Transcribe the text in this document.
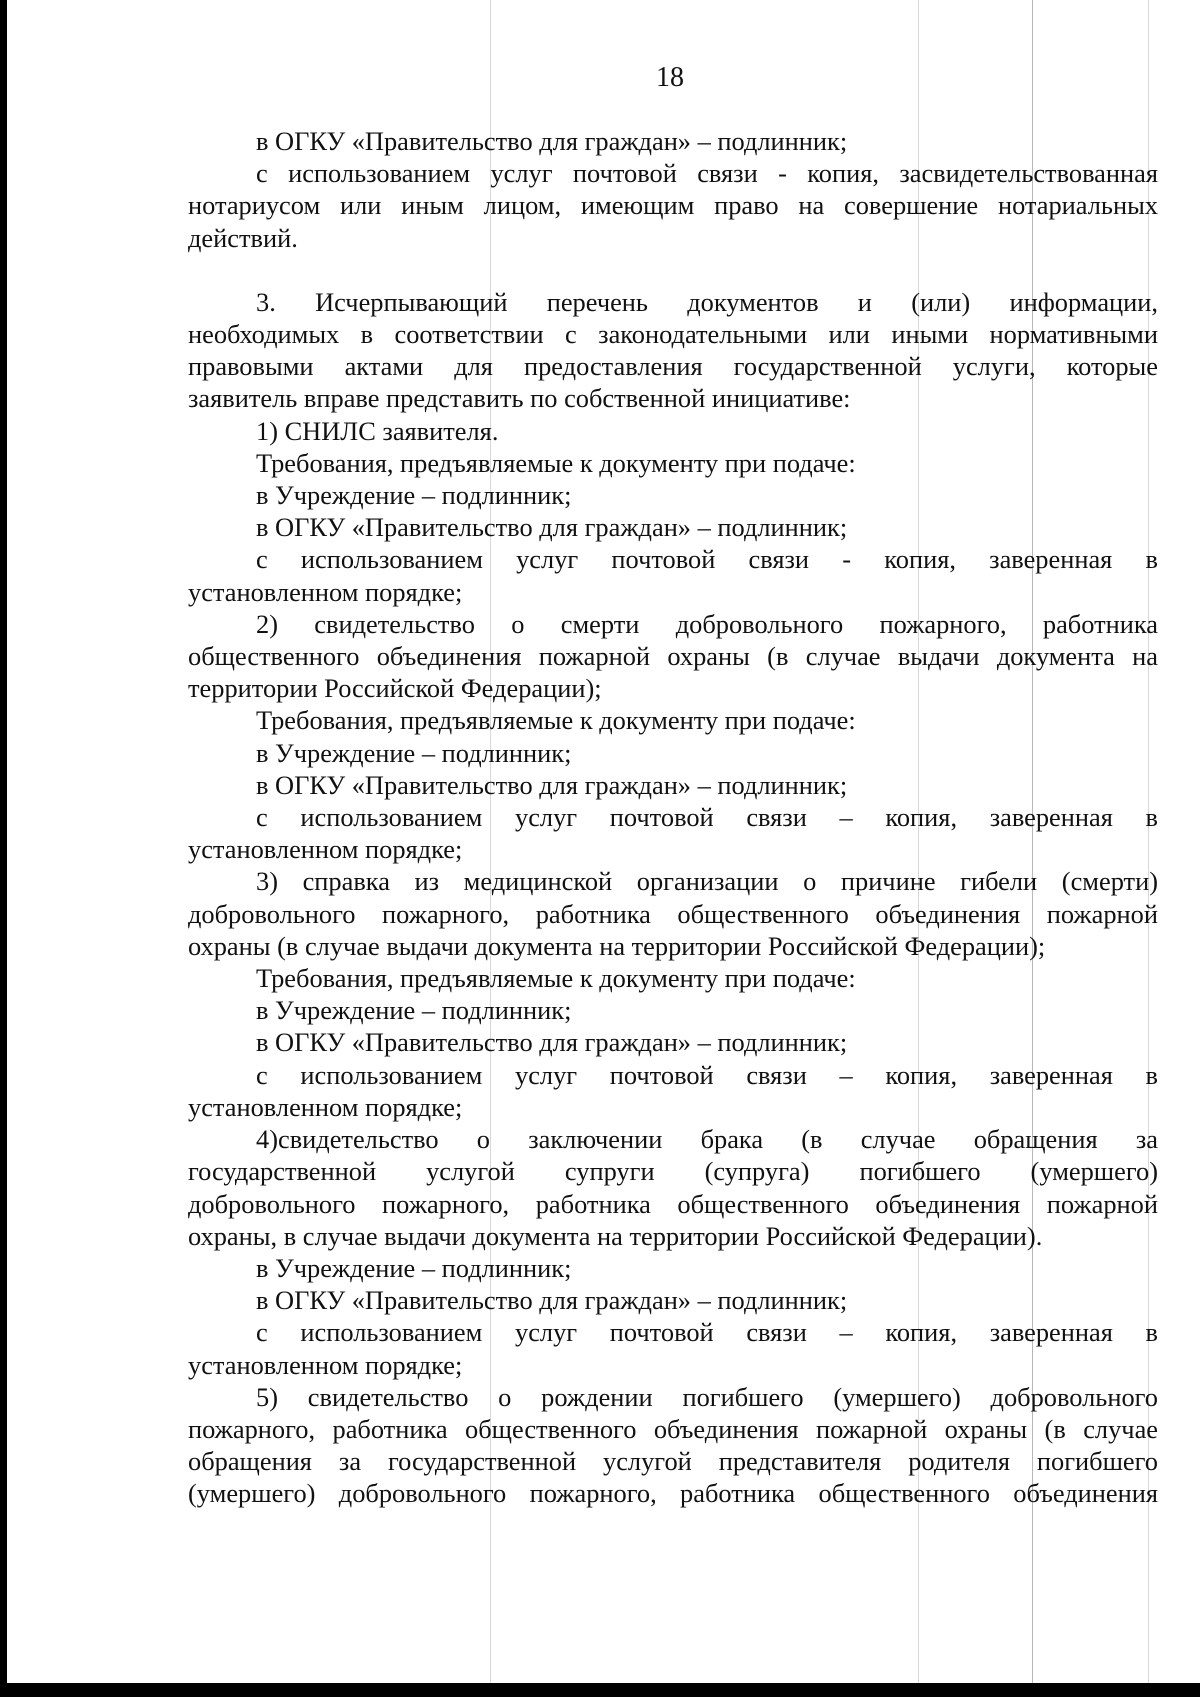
18

в ОГКУ «Правительство для граждан» – подлинник;

с использованием услуг почтовой связи - копия, засвидетельствованная

нотариусом или иным лицом, имеющим право на совершение нотариальных

действий.

3. Исчерпывающий перечень документов и (или) информации,

необходимых в соответствии с законодательными или иными нормативными

правовыми актами для предоставления государственной услуги, которые

заявитель вправе представить по собственной инициативе:

1) СНИЛС заявителя.

Требования, предъявляемые к документу при подаче:

в Учреждение – подлинник;

в ОГКУ «Правительство для граждан» – подлинник;

с использованием услуг почтовой связи - копия, заверенная в

установленном порядке;

2) свидетельство о смерти добровольного пожарного, работника

общественного объединения пожарной охраны (в случае выдачи документа на

территории Российской Федерации);

Требования, предъявляемые к документу при подаче:

в Учреждение – подлинник;

в ОГКУ «Правительство для граждан» – подлинник;

с использованием услуг почтовой связи – копия, заверенная в

установленном порядке;

3) справка из медицинской организации о причине гибели (смерти)

добровольного пожарного, работника общественного объединения пожарной

охраны (в случае выдачи документа на территории Российской Федерации);

Требования, предъявляемые к документу при подаче:

в Учреждение – подлинник;

в ОГКУ «Правительство для граждан» – подлинник;

с использованием услуг почтовой связи – копия, заверенная в

установленном порядке;

4)свидетельство о заключении брака (в случае обращения за

государственной услугой супруги (супруга) погибшего (умершего)

добровольного пожарного, работника общественного объединения пожарной

охраны, в случае выдачи документа на территории Российской Федерации).

в Учреждение – подлинник;

в ОГКУ «Правительство для граждан» – подлинник;

с использованием услуг почтовой связи – копия, заверенная в

установленном порядке;

5) свидетельство о рождении погибшего (умершего) добровольного

пожарного, работника общественного объединения пожарной охраны (в случае

обращения за государственной услугой представителя родителя погибшего

(умершего) добровольного пожарного, работника общественного объединения
